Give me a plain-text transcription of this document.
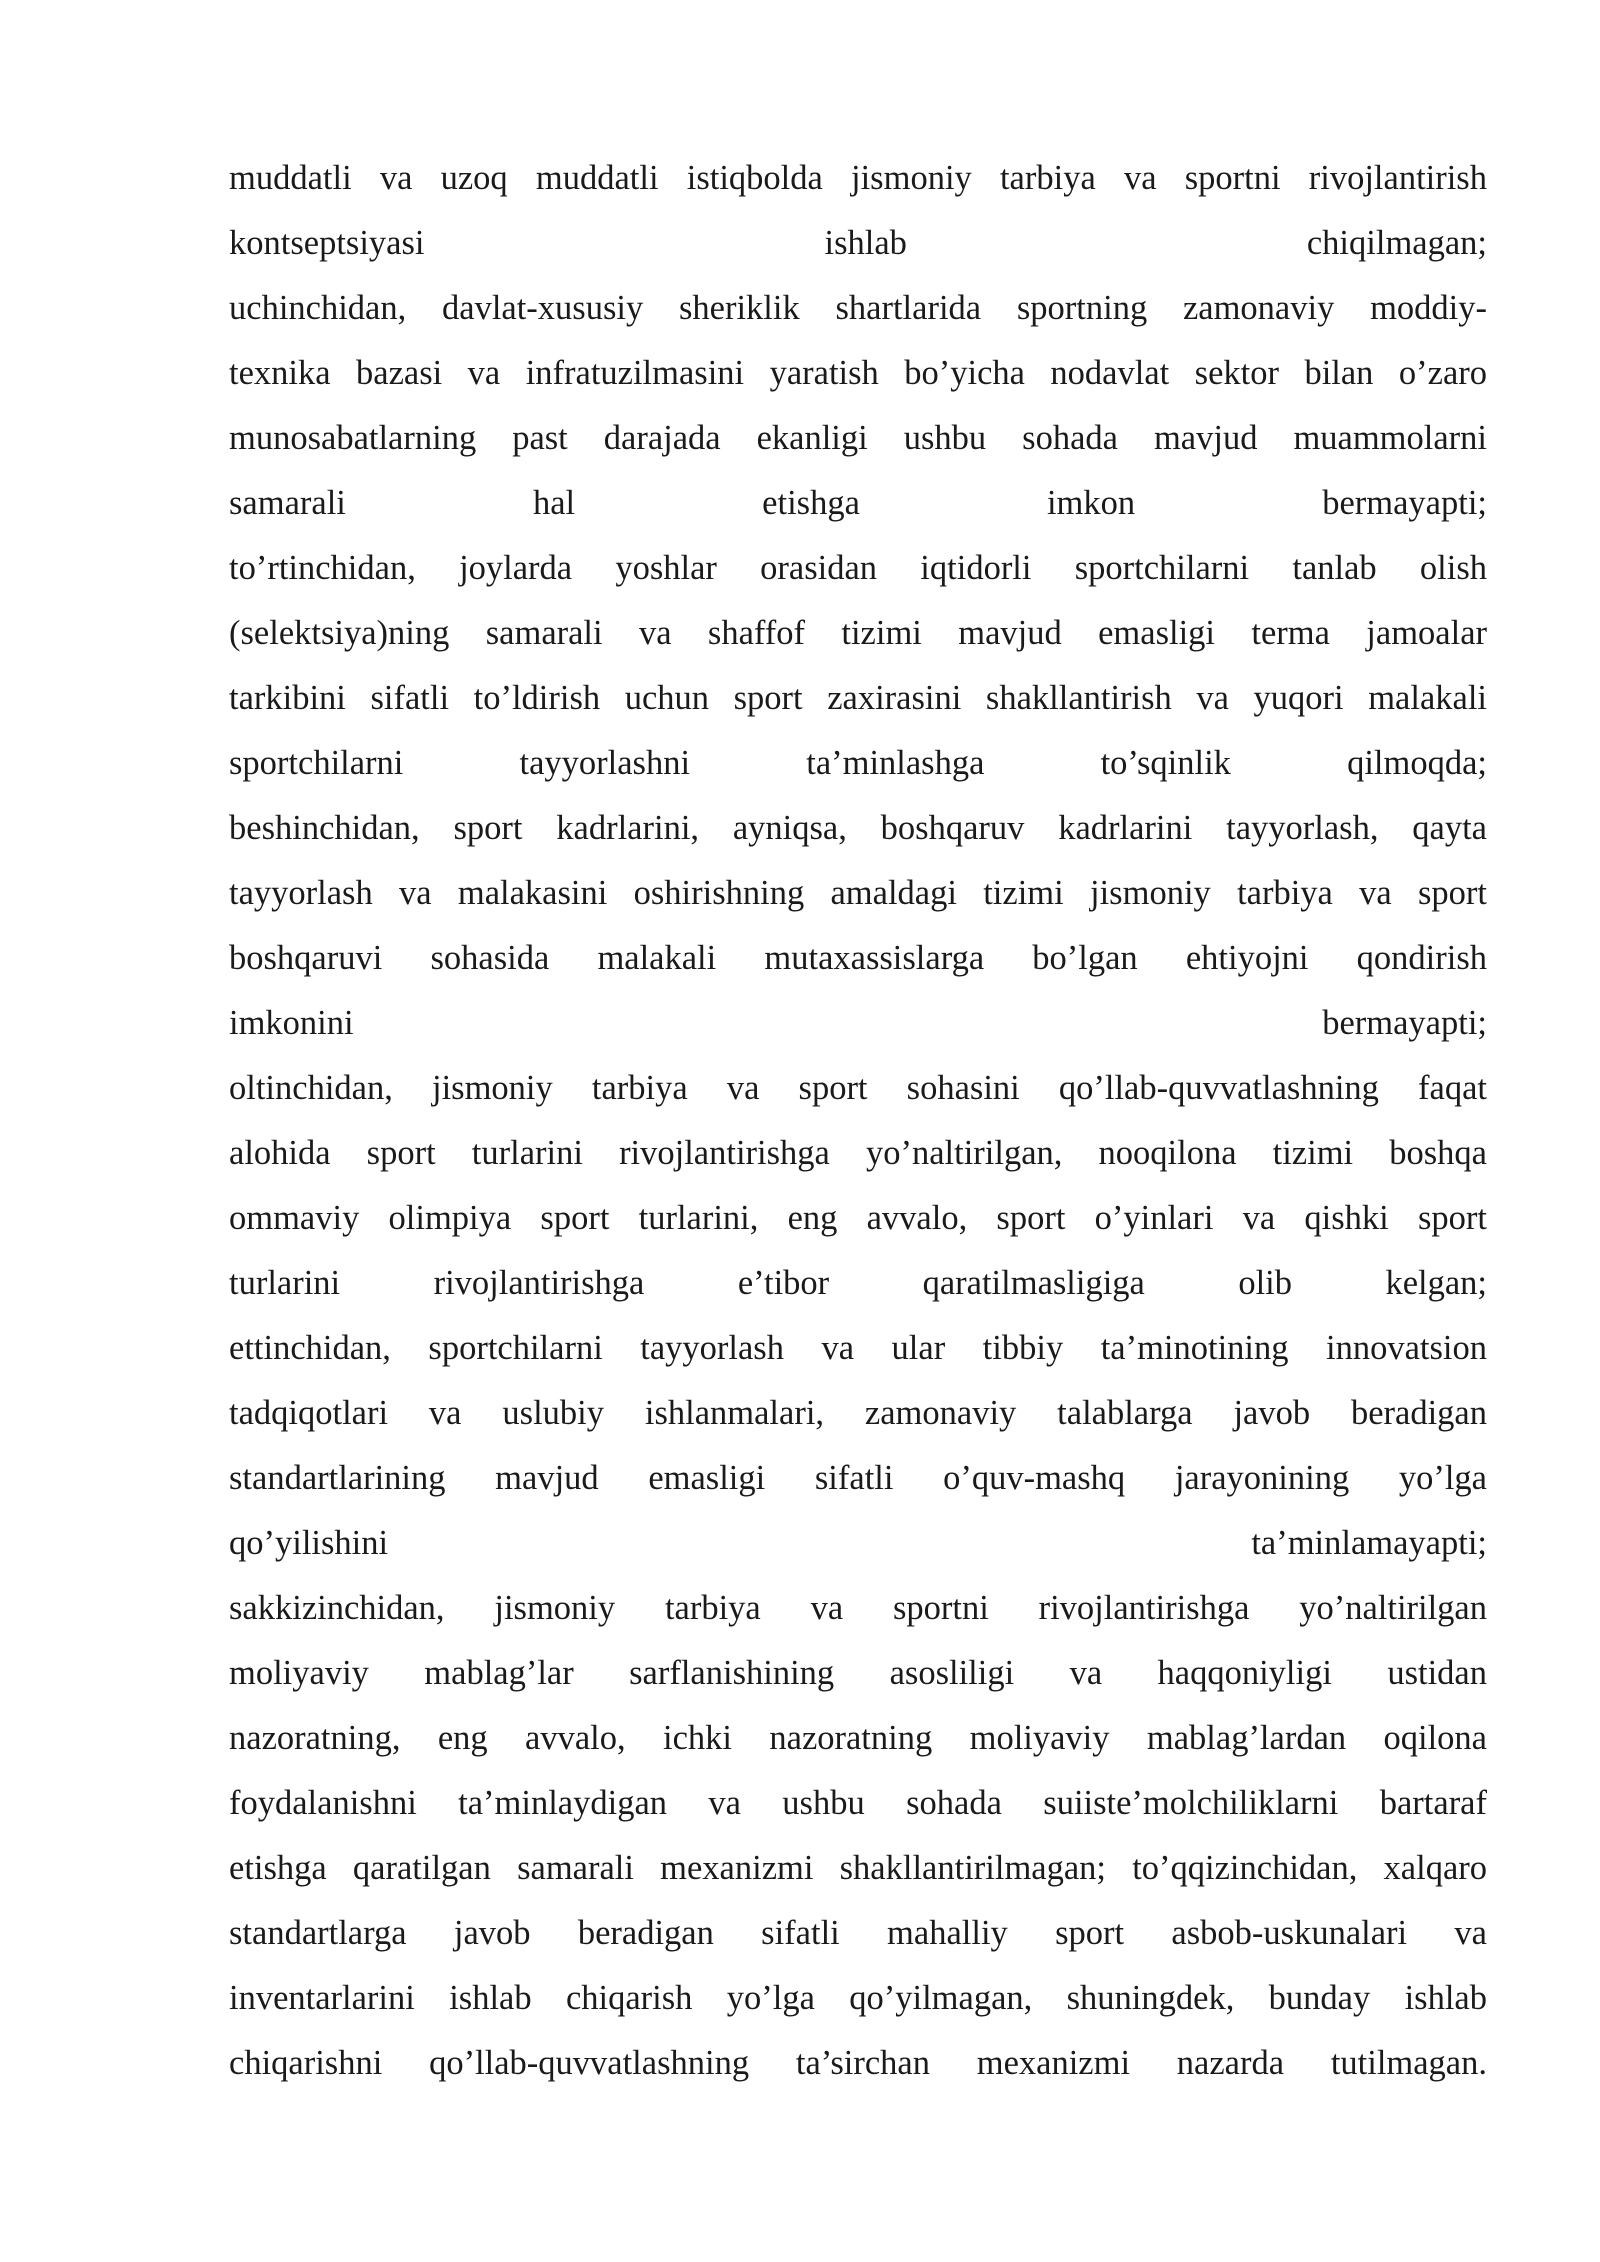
muddatli va uzoq muddatli istiqbolda jismoniy tarbiya va sportni rivojlantirish
kontseptsiyasi ishlab chiqilmagan;
uchinchidan, davlat-xususiy sheriklik shartlarida sportning zamonaviy moddiy-
texnika bazasi va infratuzilmasini yaratish bo’yicha nodavlat sektor bilan o’zaro
munosabatlarning past darajada ekanligi ushbu sohada mavjud muammolarni
samarali hal etishga imkon bermayapti;
to’rtinchidan, joylarda yoshlar orasidan iqtidorli sportchilarni tanlab olish
(selektsiya)ning samarali va shaffof tizimi mavjud emasligi terma jamoalar
tarkibini sifatli to’ldirish uchun sport zaxirasini shakllantirish va yuqori malakali
sportchilarni tayyorlashni ta’minlashga to’sqinlik qilmoqda;
beshinchidan, sport kadrlarini, ayniqsa, boshqaruv kadrlarini tayyorlash, qayta
tayyorlash va malakasini oshirishning amaldagi tizimi jismoniy tarbiya va sport
boshqaruvi sohasida malakali mutaxassislarga bo’lgan ehtiyojni qondirish
imkonini bermayapti;
oltinchidan, jismoniy tarbiya va sport sohasini qo’llab-quvvatlashning faqat
alohida sport turlarini rivojlantirishga yo’naltirilgan, nooqilona tizimi boshqa
ommaviy olimpiya sport turlarini, eng avvalo, sport o’yinlari va qishki sport
turlarini rivojlantirishga e’tibor qaratilmasligiga olib kelgan;
ettinchidan, sportchilarni tayyorlash va ular tibbiy ta’minotining innovatsion
tadqiqotlari va uslubiy ishlanmalari, zamonaviy talablarga javob beradigan
standartlarining mavjud emasligi sifatli o’quv-mashq jarayonining yo’lga
qo’yilishini ta’minlamayapti;
sakkizinchidan, jismoniy tarbiya va sportni rivojlantirishga yo’naltirilgan
moliyaviy mablag’lar sarflanishining asosliligi va haqqoniyligi ustidan
nazoratning, eng avvalo, ichki nazoratning moliyaviy mablag’lardan oqilona
foydalanishni ta’minlaydigan va ushbu sohada suiiste’molchiliklarni bartaraf
etishga qaratilgan samarali mexanizmi shakllantirilmagan; to’qqizinchidan, xalqaro
standartlarga javob beradigan sifatli mahalliy sport asbob-uskunalari va
inventarlarini ishlab chiqarish yo’lga qo’yilmagan, shuningdek, bunday ishlab
chiqarishni qo’llab-quvvatlashning ta’sirchan mexanizmi nazarda tutilmagan.
